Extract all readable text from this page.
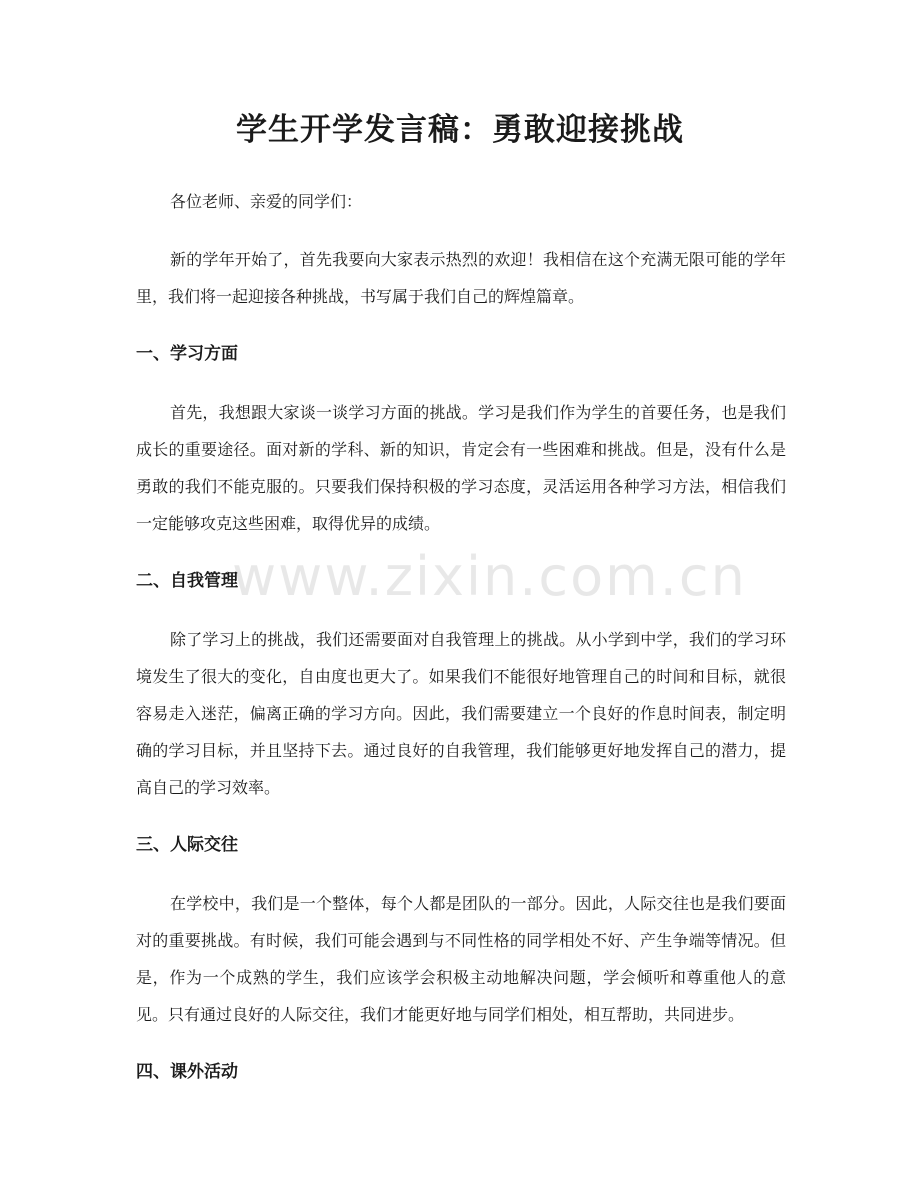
学生开学发言稿：勇敢迎接挑战
www.zixin.com.cn

各位老师、亲爱的同学们：

新的学年开始了，首先我要向大家表示热烈的欢迎！我相信在这个充满无限可能的学年里，我们将一起迎接各种挑战，书写属于我们自己的辉煌篇章。

一、学习方面

首先，我想跟大家谈一谈学习方面的挑战。学习是我们作为学生的首要任务，也是我们成长的重要途径。面对新的学科、新的知识，肯定会有一些困难和挑战。但是，没有什么是勇敢的我们不能克服的。只要我们保持积极的学习态度，灵活运用各种学习方法，相信我们一定能够攻克这些困难，取得优异的成绩。

二、自我管理

除了学习上的挑战，我们还需要面对自我管理上的挑战。从小学到中学，我们的学习环境发生了很大的变化，自由度也更大了。如果我们不能很好地管理自己的时间和目标，就很容易走入迷茫，偏离正确的学习方向。因此，我们需要建立一个良好的作息时间表，制定明确的学习目标，并且坚持下去。通过良好的自我管理，我们能够更好地发挥自己的潜力，提高自己的学习效率。

三、人际交往

在学校中，我们是一个整体，每个人都是团队的一部分。因此，人际交往也是我们要面对的重要挑战。有时候，我们可能会遇到与不同性格的同学相处不好、产生争端等情况。但是，作为一个成熟的学生，我们应该学会积极主动地解决问题，学会倾听和尊重他人的意见。只有通过良好的人际交往，我们才能更好地与同学们相处，相互帮助，共同进步。

四、课外活动
